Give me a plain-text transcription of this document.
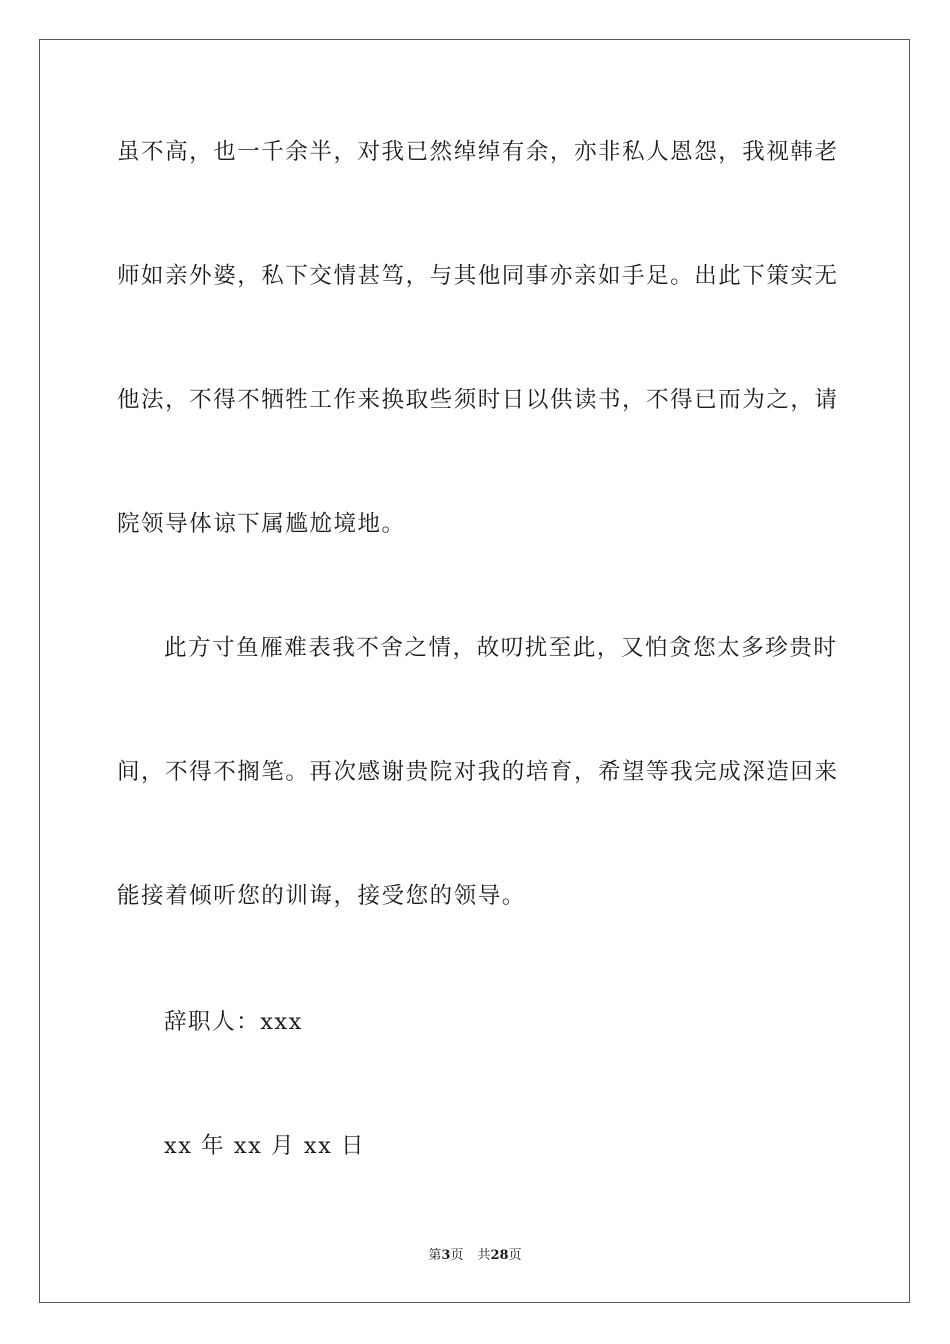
虽不高，也一千余半，对我已然绰绰有余，亦非私人恩怨，我视韩老
师如亲外婆，私下交情甚笃，与其他同事亦亲如手足。出此下策实无
他法，不得不牺牲工作来换取些须时日以供读书，不得已而为之，请
院领导体谅下属尴尬境地。
此方寸鱼雁难表我不舍之情，故叨扰至此，又怕贪您太多珍贵时
间，不得不搁笔。再次感谢贵院对我的培育，希望等我完成深造回来
能接着倾听您的训诲，接受您的领导。
辞职人：xxx
xx 年 xx 月 xx 日
第3页 共28页
